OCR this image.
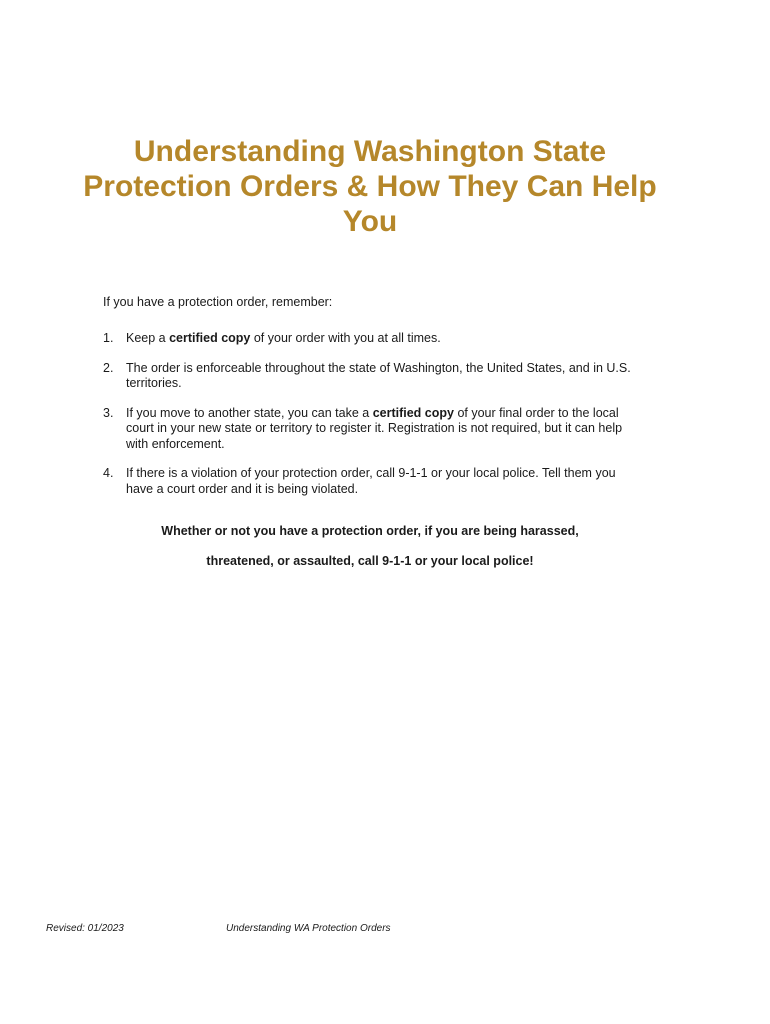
Understanding Washington State Protection Orders & How They Can Help You

If you have a protection order, remember:

1. Keep a certified copy of your order with you at all times.
2. The order is enforceable throughout the state of Washington, the United States, and in U.S. territories.
3. If you move to another state, you can take a certified copy of your final order to the local court in your new state or territory to register it. Registration is not required, but it can help with enforcement.
4. If there is a violation of your protection order, call 9-1-1 or your local police. Tell them you have a court order and it is being violated.

Whether or not you have a protection order, if you are being harassed,

threatened, or assaulted, call 9-1-1 or your local police!

Revised: 01/2023	Understanding WA Protection Orders
